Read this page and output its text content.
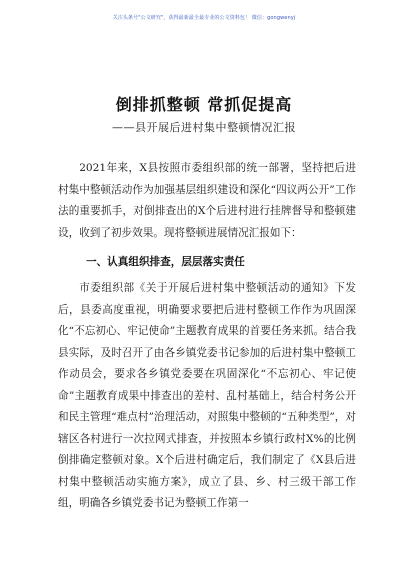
关注头条号"公文研究"，获得最新最全最专业的公文资料包！ 微信：gongwenyj
倒排抓整顿 常抓促提高
——县开展后进村集中整顿情况汇报

2021年来，X县按照市委组织部的统一部署，坚持把后进村集中整顿活动作为加强基层组织建设和深化“四议两公开”工作法的重要抓手，对倒排查出的X个后进村进行挂牌督导和整顿建设，收到了初步效果。现将整顿进展情况汇报如下：

一、认真组织排查，层层落实责任

市委组织部《关于开展后进村集中整顿活动的通知》下发后，县委高度重视，明确要求要把后进村整顿工作作为巩固深化“不忘初心、牢记使命”主题教育成果的首要任务来抓。结合我县实际，及时召开了由各乡镇党委书记参加的后进村集中整顿工作动员会，要求各乡镇党委要在巩固深化“不忘初心、牢记使命”主题教育成果中排查出的差村、乱村基础上，结合村务公开和民主管理“难点村”治理活动，对照集中整顿的“五种类型”，对辖区各村进行一次拉网式排查，并按照本乡镇行政村X%的比例倒排确定整顿对象。X个后进村确定后，我们制定了《X县后进村集中整顿活动实施方案》，成立了县、乡、村三级干部工作组，明确各乡镇党委书记为整顿工作第一
